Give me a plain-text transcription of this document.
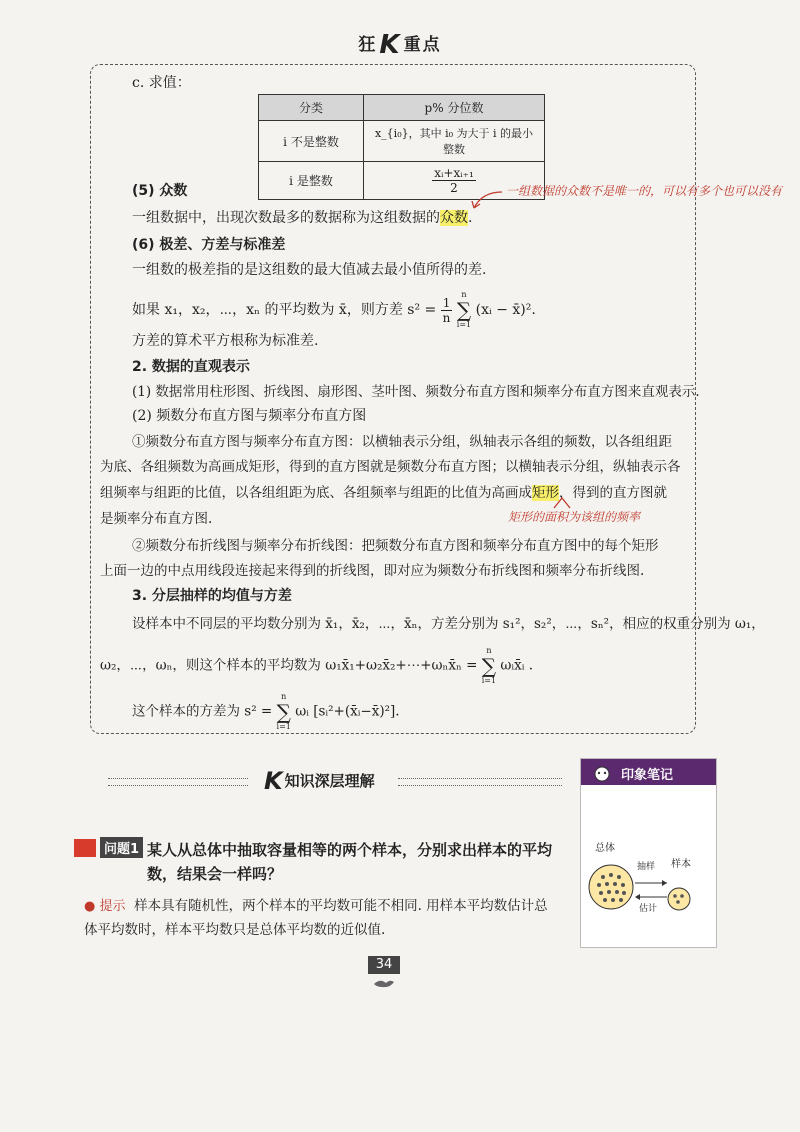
狂K 重点
c. 求值：
分类	p% 分位数
i 不是整数	x_{i₀}，其中 i₀ 为大于 i 的最小整数
i 是整数	$\frac{\text{xᵢ+xᵢ₊₁}}{2}$
(5) 众数	一组数据的众数不是唯一的，可以有多个也可以没有
一组数据中，出现次数最多的数据称为这组数据的众数.
(6) 极差、方差与标准差
一组数的极差指的是这组数的最大值减去最小值所得的差.
如果 x₁，x₂，⋯，xₙ 的平均数为 x̄，则方差 $s^2 = \frac{1}{n}$

n
∑
i=1
(xᵢ − x̄)².
方差的算术平方根称为标准差.
2. 数据的直观表示
(1) 数据常用柱形图、折线图、扇形图、茎叶图、频数分布直方图和频率分布直方图来直观表示.
(2) 频数分布直方图与频率分布直方图
①频数分布直方图与频率分布直方图：以横轴表示分组，纵轴表示各组的频数，以各组组距
为底、各组频数为高画成矩形，得到的直方图就是频数分布直方图；以横轴表示分组，纵轴表示各
组频率与组距的比值，以各组组距为底、各组频率与组距的比值为高画成矩形，得到的直方图就
是频率分布直方图.	矩形的面积为该组的频率
②频数分布折线图与频率分布折线图：把频数分布直方图和频率分布直方图中的每个矩形
上面一边的中点用线段连接起来得到的折线图，即对应为频数分布折线图和频率分布折线图.
3. 分层抽样的均值与方差
设样本中不同层的平均数分别为 x̄₁，x̄₂，⋯，x̄ₙ，方差分别为 s₁²，s₂²，⋯，sₙ²，相应的权重分别为 ω₁，
ω₂，⋯，ωₙ，则这个样本的平均数为 ω₁x̄₁+ω₂x̄₂+⋯+ωₙx̄ₙ =
n
∑
i=1
ωᵢx̄ᵢ .
这个样本的方差为 s² =
n
∑
i=1
ωᵢ [sᵢ²+(x̄ᵢ−x̄)²].
K知识深层理解	印象笔记
总体
样本
抽样
估计
问题1 某人从总体中抽取容量相等的两个样本，分别求出样本的平均数，结果会一样吗？
● 提示 样本具有随机性，两个样本的平均数可能不相同. 用样本平均数估计总
体平均数时，样本平均数只是总体平均数的近似值.
34
